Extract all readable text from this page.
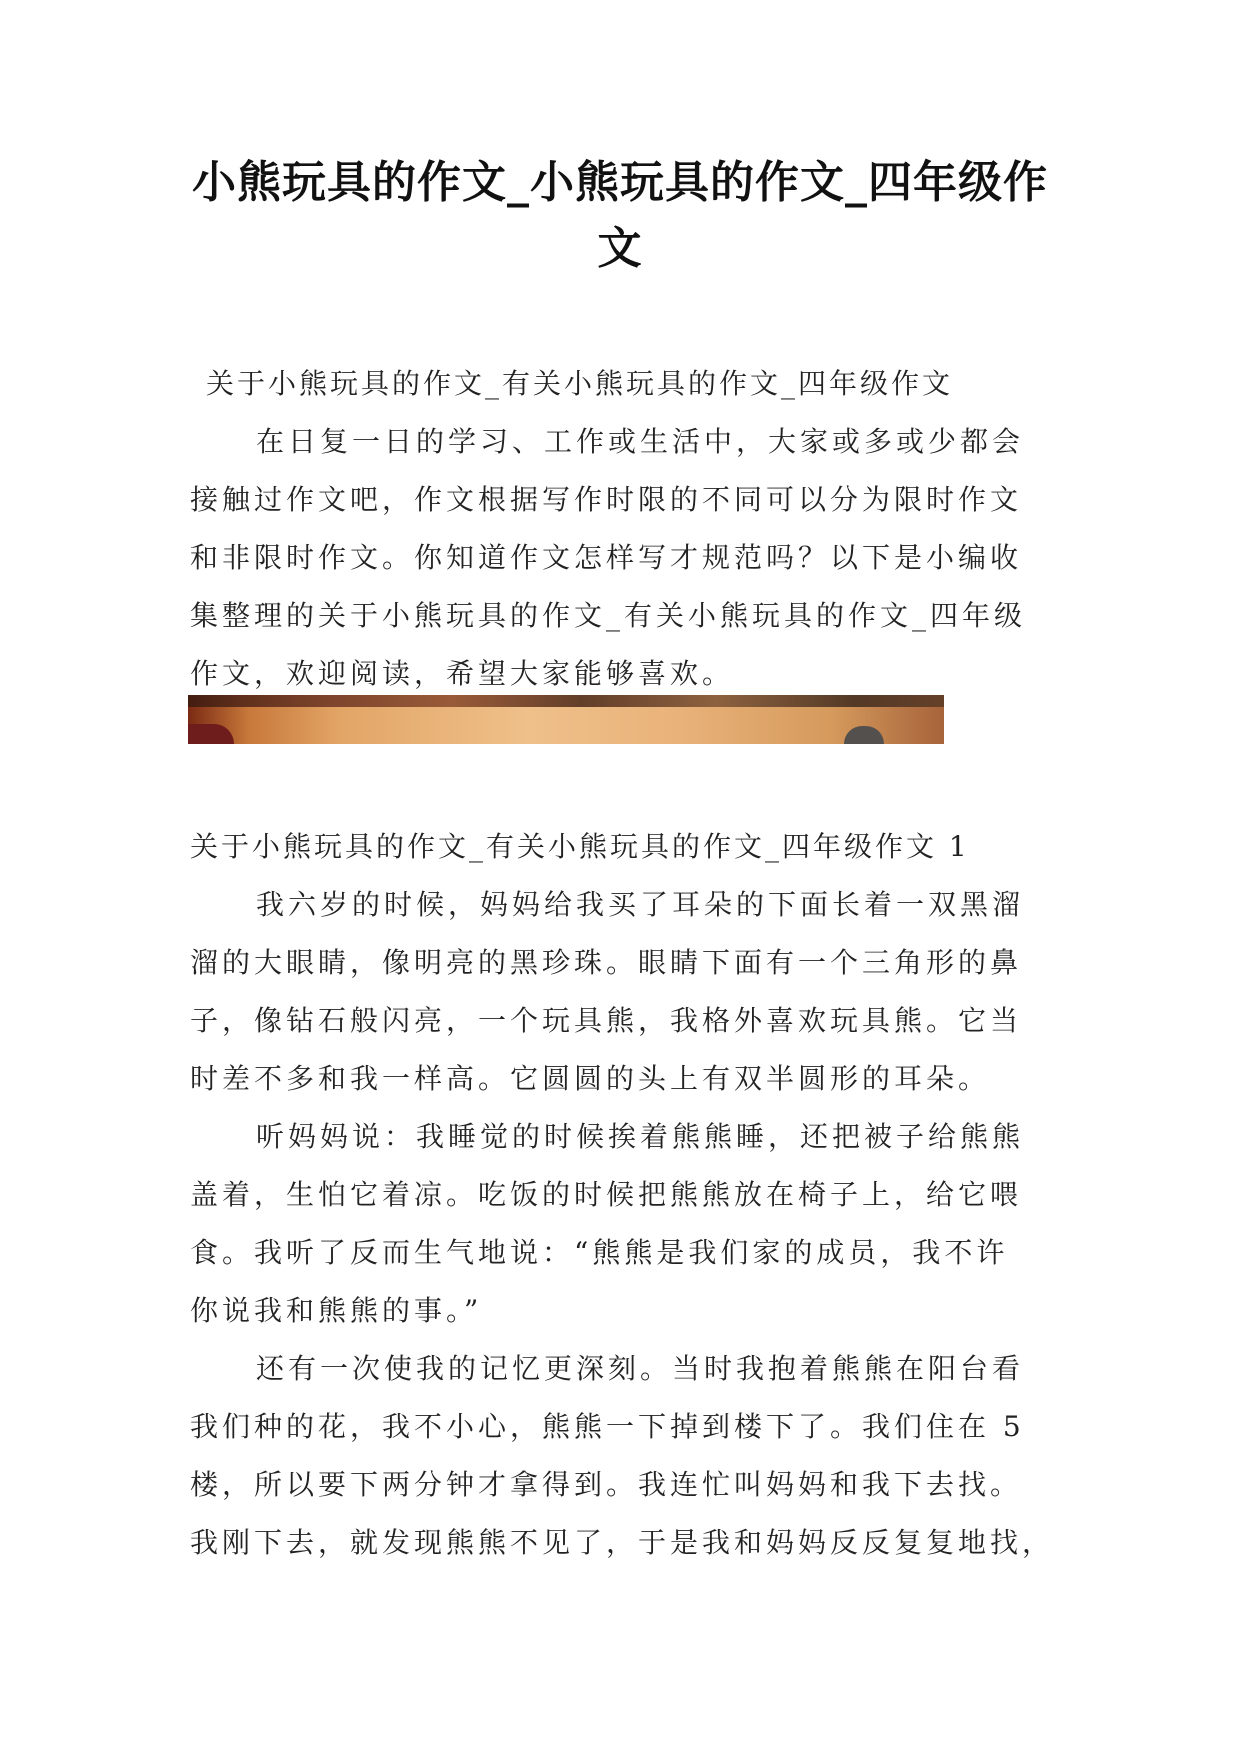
小熊玩具的作文_小熊玩具的作文_四年级作文
关于小熊玩具的作文_有关小熊玩具的作文_四年级作文
在日复一日的学习、工作或生活中，大家或多或少都会
接触过作文吧，作文根据写作时限的不同可以分为限时作文
和非限时作文。你知道作文怎样写才规范吗？以下是小编收
集整理的关于小熊玩具的作文_有关小熊玩具的作文_四年级
作文，欢迎阅读，希望大家能够喜欢。
关于小熊玩具的作文_有关小熊玩具的作文_四年级作文 1
我六岁的时候，妈妈给我买了耳朵的下面长着一双黑溜
溜的大眼睛，像明亮的黑珍珠。眼睛下面有一个三角形的鼻
子，像钻石般闪亮，一个玩具熊，我格外喜欢玩具熊。它当
时差不多和我一样高。它圆圆的头上有双半圆形的耳朵。
听妈妈说：我睡觉的时候挨着熊熊睡，还把被子给熊熊
盖着，生怕它着凉。吃饭的时候把熊熊放在椅子上，给它喂
食。我听了反而生气地说：“熊熊是我们家的成员，我不许
你说我和熊熊的事。”
还有一次使我的记忆更深刻。当时我抱着熊熊在阳台看
我们种的花，我不小心，熊熊一下掉到楼下了。我们住在 5
楼，所以要下两分钟才拿得到。我连忙叫妈妈和我下去找。
我刚下去，就发现熊熊不见了，于是我和妈妈反反复复地找，
